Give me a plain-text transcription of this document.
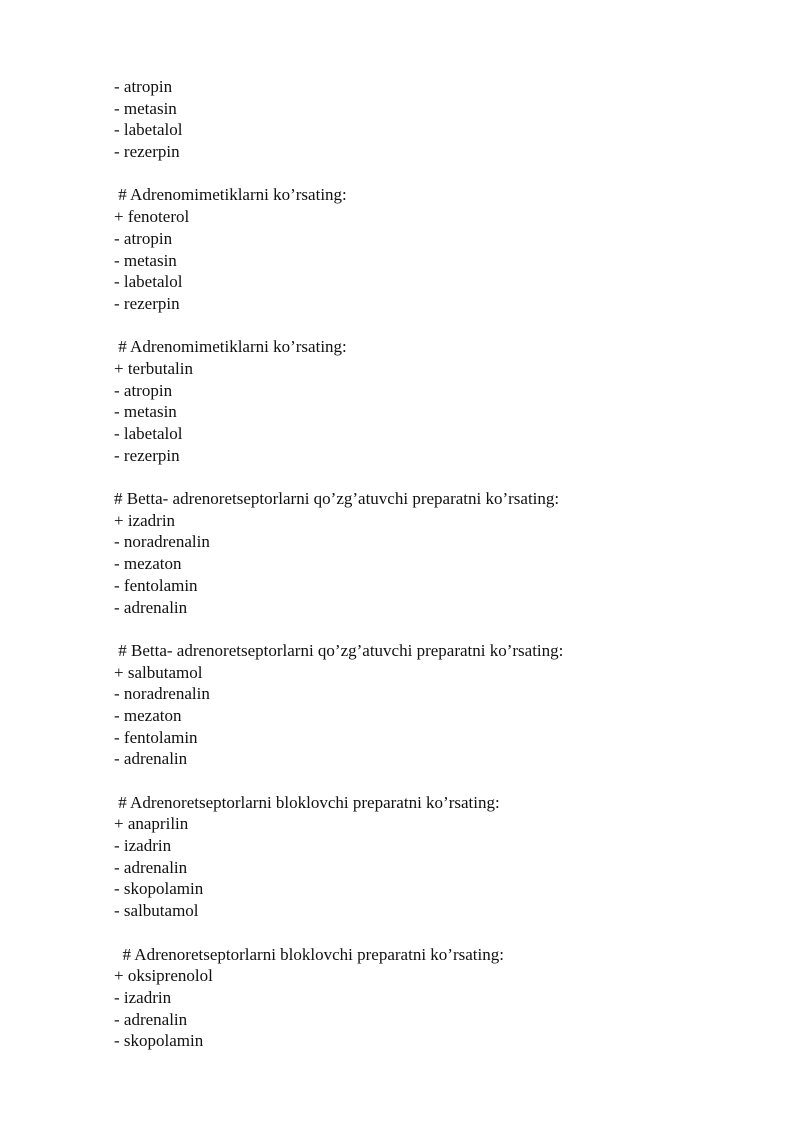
- atropin
- metasin
- labetalol
- rezerpin
# Adrenomimetiklarni ko’rsating:
+ fenoterol
- atropin
- metasin
- labetalol
- rezerpin
# Adrenomimetiklarni ko’rsating:
+ terbutalin
- atropin
- metasin
- labetalol
- rezerpin
# Betta- adrenoretseptorlarni qo’zg’atuvchi preparatni ko’rsating:
+ izadrin
- noradrenalin
- mezaton
- fentolamin
- adrenalin
# Betta- adrenoretseptorlarni qo’zg’atuvchi preparatni ko’rsating:
+ salbutamol
- noradrenalin
- mezaton
- fentolamin
- adrenalin
# Adrenoretseptorlarni bloklovchi preparatni ko’rsating:
+ anaprilin
- izadrin
- adrenalin
- skopolamin
- salbutamol
# Adrenoretseptorlarni bloklovchi preparatni ko’rsating:
+ oksiprenolol
- izadrin
- adrenalin
- skopolamin
